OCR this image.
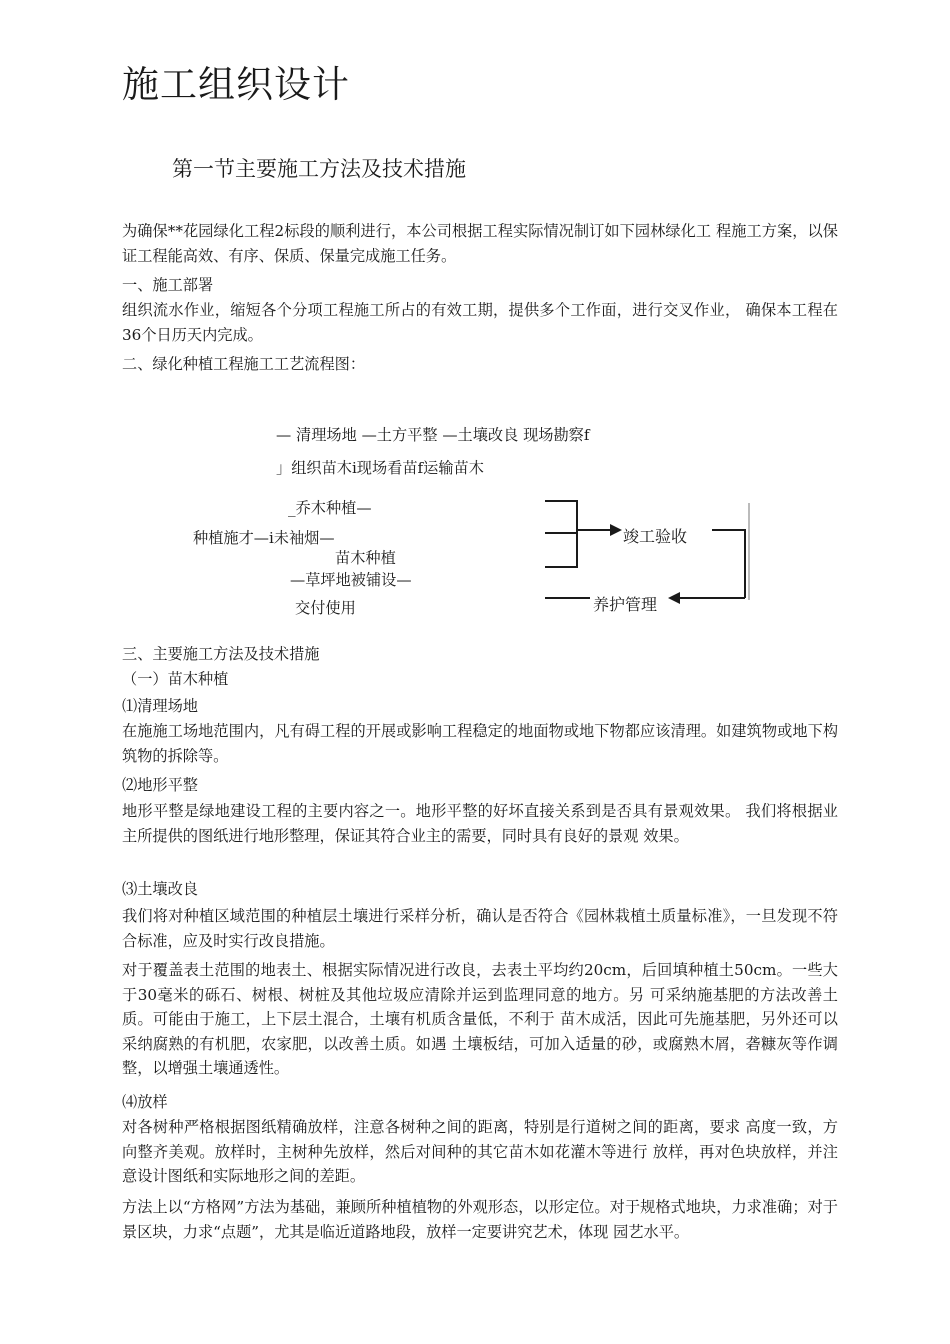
施工组织设计
第一节主要施工方法及技术措施
为确保**花园绿化工程2标段的顺利进行，本公司根据工程实际情况制订如下园林绿化工 程施工方案，以保证工程能高效、有序、保质、保量完成施工任务。
一、施工部署
组织流水作业，缩短各个分项工程施工所占的有效工期，提供多个工作面，进行交叉作业， 确保本工程在36个日历天内完成。
二、绿化种植工程施工工艺流程图：
— 清理场地 —土方平整 —土壤改良 现场勘察f
」组织苗木i现场看苗f运输苗木
_乔木种植—
种植施才—i未袖烟—
苗木种植
—草坪地被铺设—
交付使用
竣工验收
养护管理
三、主要施工方法及技术措施
（一）苗木种植
⑴清理场地
在施施工场地范围内，凡有碍工程的开展或影响工程稳定的地面物或地下物都应该清理。如建筑物或地下构筑物的拆除等。
⑵地形平整
地形平整是绿地建设工程的主要内容之一。地形平整的好坏直接关系到是否具有景观效果。 我们将根据业主所提供的图纸进行地形整理，保证其符合业主的需要，同时具有良好的景观 效果。
⑶土壤改良
我们将对种植区域范围的种植层土壤进行采样分析，确认是否符合《园林栽植土质量标准》，一旦发现不符合标准，应及时实行改良措施。
对于覆盖表土范围的地表土、根据实际情况进行改良，去表土平均约20cm，后回填种植土50cm。一些大于30毫米的砾石、树根、树桩及其他垃圾应清除并运到监理同意的地方。另 可采纳施基肥的方法改善土质。可能由于施工，上下层土混合，土壤有机质含量低，不利于 苗木成活，因此可先施基肥，另外还可以采纳腐熟的有机肥，农家肥，以改善土质。如遇 土壤板结，可加入适量的砂，或腐熟木屑，砻糠灰等作调整，以增强土壤通透性。
⑷放样
对各树种严格根据图纸精确放样，注意各树种之间的距离，特别是行道树之间的距离，要求 高度一致，方向整齐美观。放样时，主树种先放样，然后对间种的其它苗木如花灌木等进行 放样，再对色块放样，并注意设计图纸和实际地形之间的差距。
方法上以“方格网”方法为基础，兼顾所种植植物的外观形态，以形定位。对于规格式地块，力求准确；对于景区块，力求“点题”，尤其是临近道路地段，放样一定要讲究艺术，体现 园艺水平。
